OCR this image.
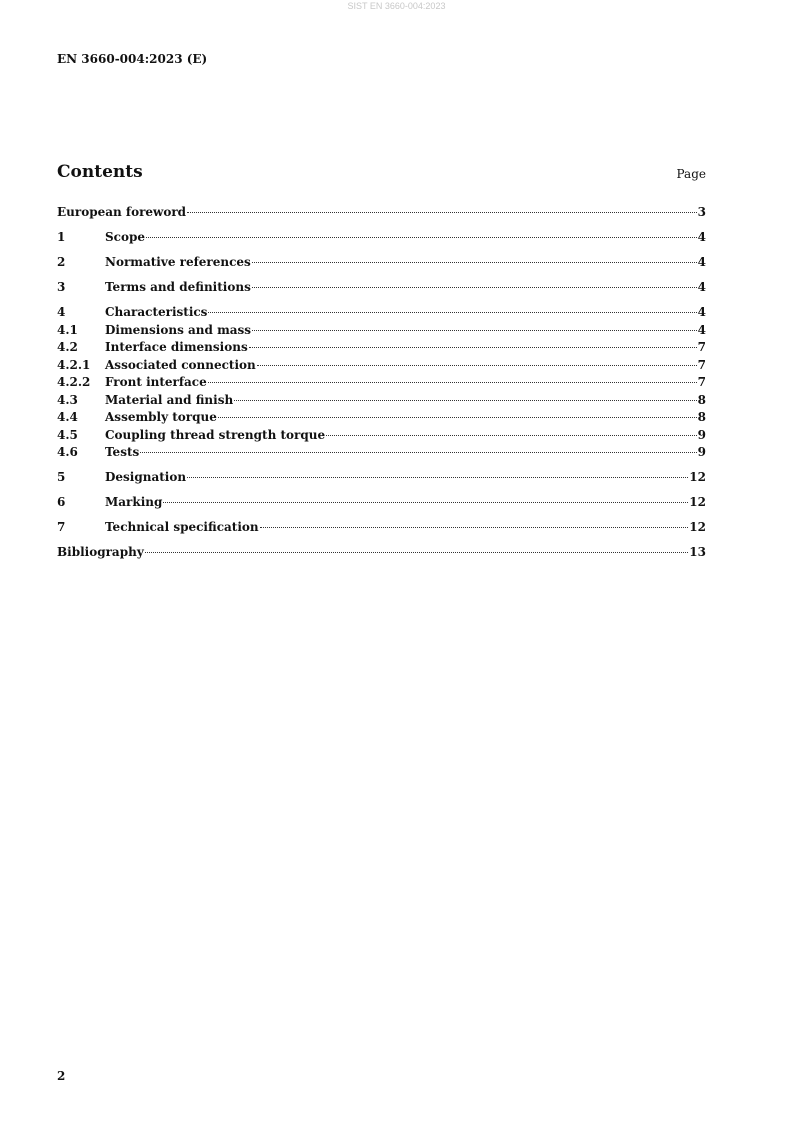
SIST EN 3660-004:2023
EN 3660-004:2023 (E)
Contents	Page
European foreword	3
1	Scope	4
2	Normative references	4
3	Terms and definitions	4
4	Characteristics	4
4.1	Dimensions and mass	4
4.2	Interface dimensions	7
4.2.1	Associated connection	7
4.2.2	Front interface	7
4.3	Material and finish	8
4.4	Assembly torque	8
4.5	Coupling thread strength torque	9
4.6	Tests	9
5	Designation	12
6	Marking	12
7	Technical specification	12
Bibliography	13
2
